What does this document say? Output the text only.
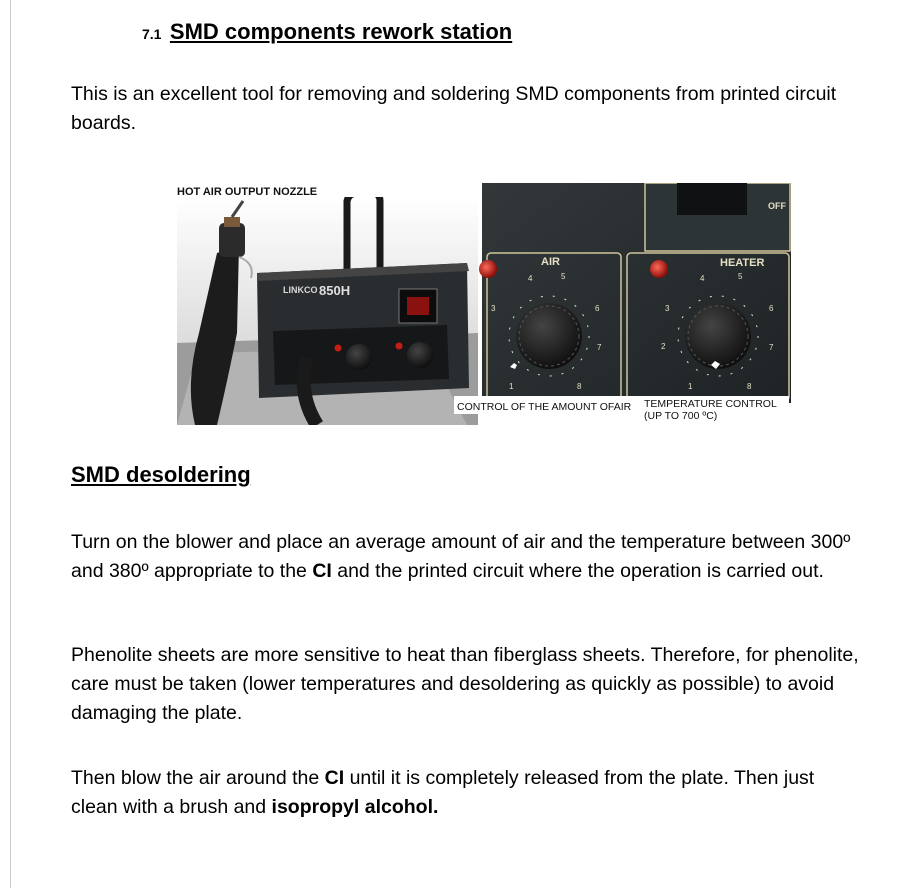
7.1 SMD components rework station

This is an excellent tool for removing and soldering SMD components from printed circuit boards.

LINKCO 850H
AIR	HEATER
OFF
1
3
4	5
6
7
8	1
2
3
4	5
6
7
8
HOT AIR OUTPUT NOZZLE
CONTROL OF THE AMOUNT OFAIR TEMPERATURE CONTROL
(UP TO 700 ºC)
SMD desoldering

Turn on the blower and place an average amount of air and the temperature between 300º and 380º appropriate to the CI and the printed circuit where the operation is carried out.

Phenolite sheets are more sensitive to heat than fiberglass sheets. Therefore, for phenolite, care must be taken (lower temperatures and desoldering as quickly as possible) to avoid damaging the plate.

Then blow the air around the CI until it is completely released from the plate. Then just clean with a brush and isopropyl alcohol.
